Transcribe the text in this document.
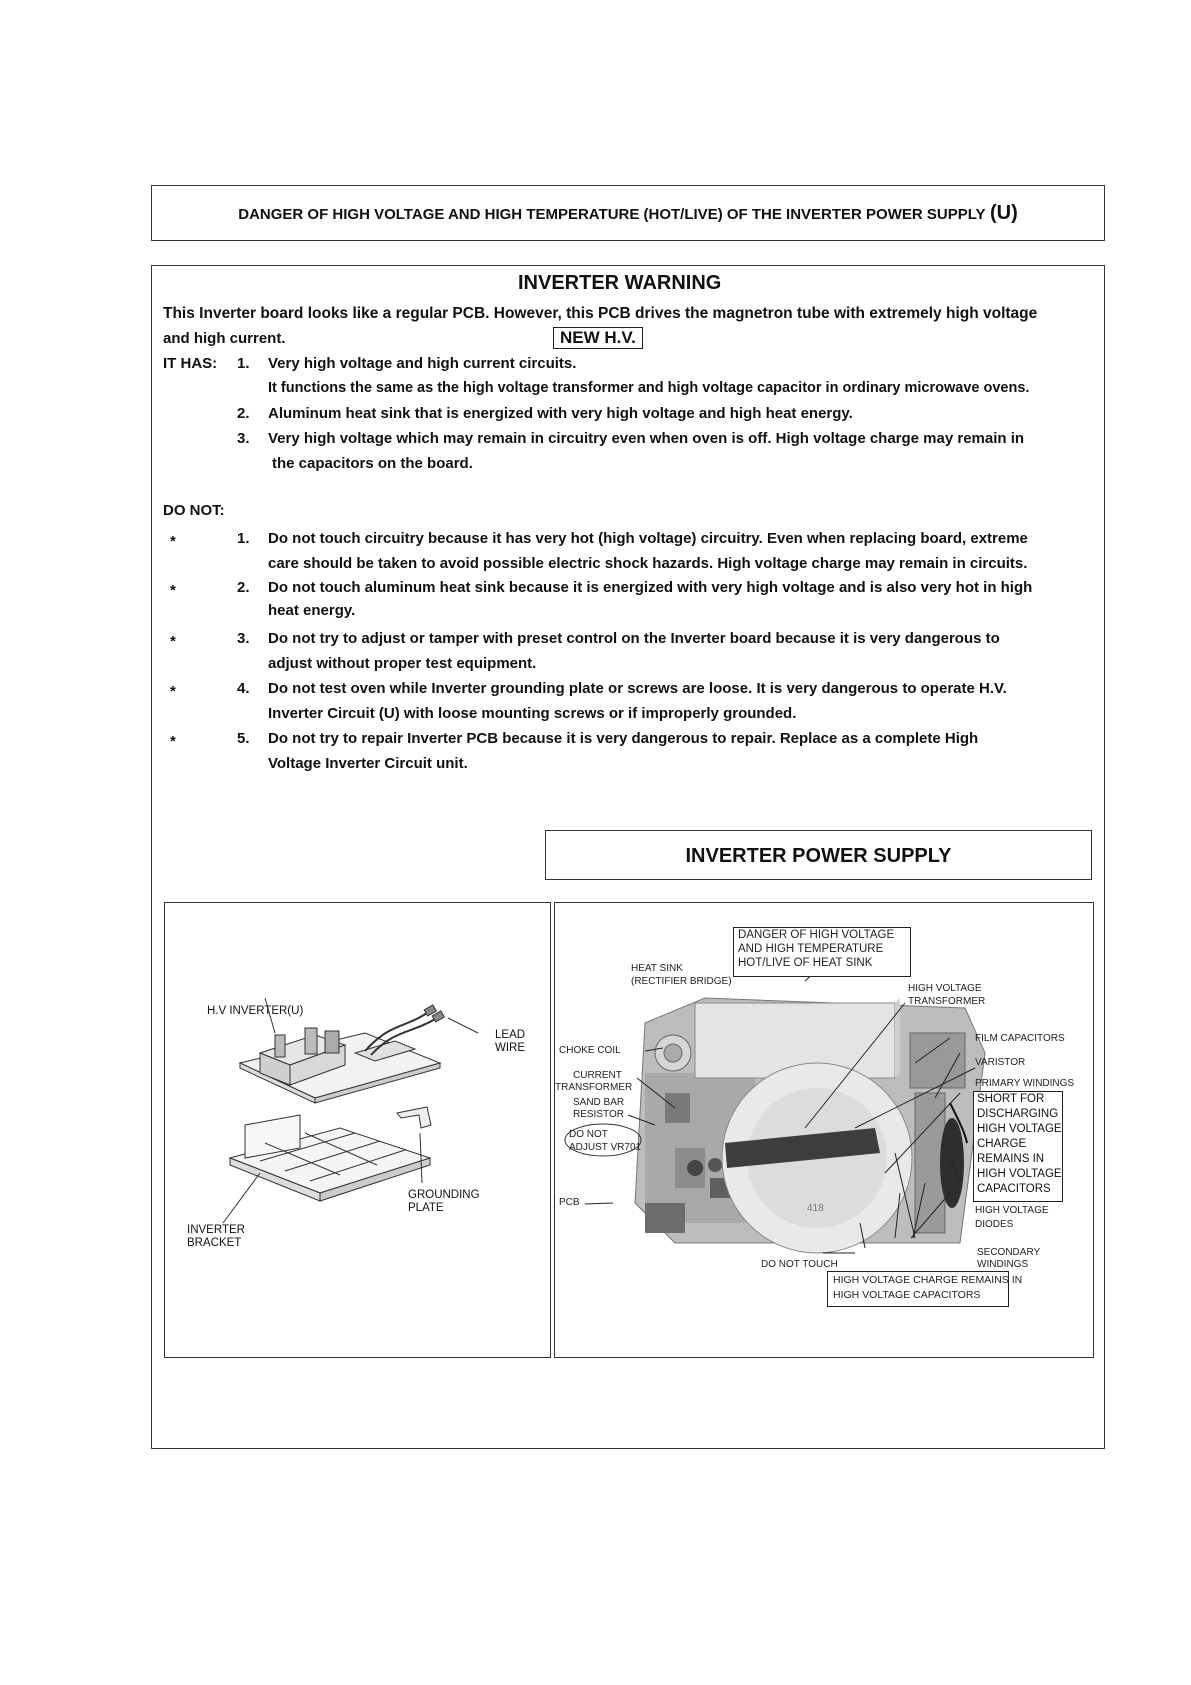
DANGER OF HIGH VOLTAGE AND HIGH TEMPERATURE (HOT/LIVE) OF THE INVERTER POWER SUPPLY (U)
INVERTER WARNING
This Inverter board looks like a regular PCB. However, this PCB drives the magnetron tube with extremely high voltage
and high current.	NEW H.V.
IT HAS: 1. Very high voltage and high current circuits.
It functions the same as the high voltage transformer and high voltage capacitor in ordinary microwave ovens.
2. Aluminum heat sink that is energized with very high voltage and high heat energy.
3. Very high voltage which may remain in circuitry even when oven is off. High voltage charge may remain in
the capacitors on the board.
DO NOT:
*	1. Do not touch circuitry because it has very hot (high voltage) circuitry. Even when replacing board, extreme
care should be taken to avoid possible electric shock hazards. High voltage charge may remain in circuits.
*	2. Do not touch aluminum heat sink because it is energized with very high voltage and is also very hot in high
heat energy.
*	3. Do not try to adjust or tamper with preset control on the Inverter board because it is very dangerous to
adjust without proper test equipment.
*	4. Do not test oven while Inverter grounding plate or screws are loose. It is very dangerous to operate H.V.
Inverter Circuit (U) with loose mounting screws or if improperly grounded.
*	5. Do not try to repair Inverter PCB because it is very dangerous to repair. Replace as a complete High
Voltage Inverter Circuit unit.
INVERTER POWER SUPPLY
H.V INVERTER(U)
LEAD
WIRE
GROUNDING
PLATE
INVERTER
BRACKET
DANGER OF HIGH VOLTAGE
AND HIGH TEMPERATURE
HOT/LIVE OF HEAT SINK
HEAT SINK
(RECTIFIER BRIDGE)
HIGH VOLTAGE
TRANSFORMER
CHOKE COIL
CURRENT
TRANSFORMER
SAND BAR
RESISTOR
DO NOT
ADJUST VR701
PCB
FILM CAPACITORS
VARISTOR
PRIMARY WINDINGS
SHORT FOR
DISCHARGING
HIGH VOLTAGE
CHARGE
REMAINS IN
HIGH VOLTAGE
CAPACITORS
HIGH VOLTAGE
DIODES
SECONDARY
WINDINGS
DO NOT TOUCH
418
HIGH VOLTAGE CHARGE REMAINS IN
HIGH VOLTAGE CAPACITORS
